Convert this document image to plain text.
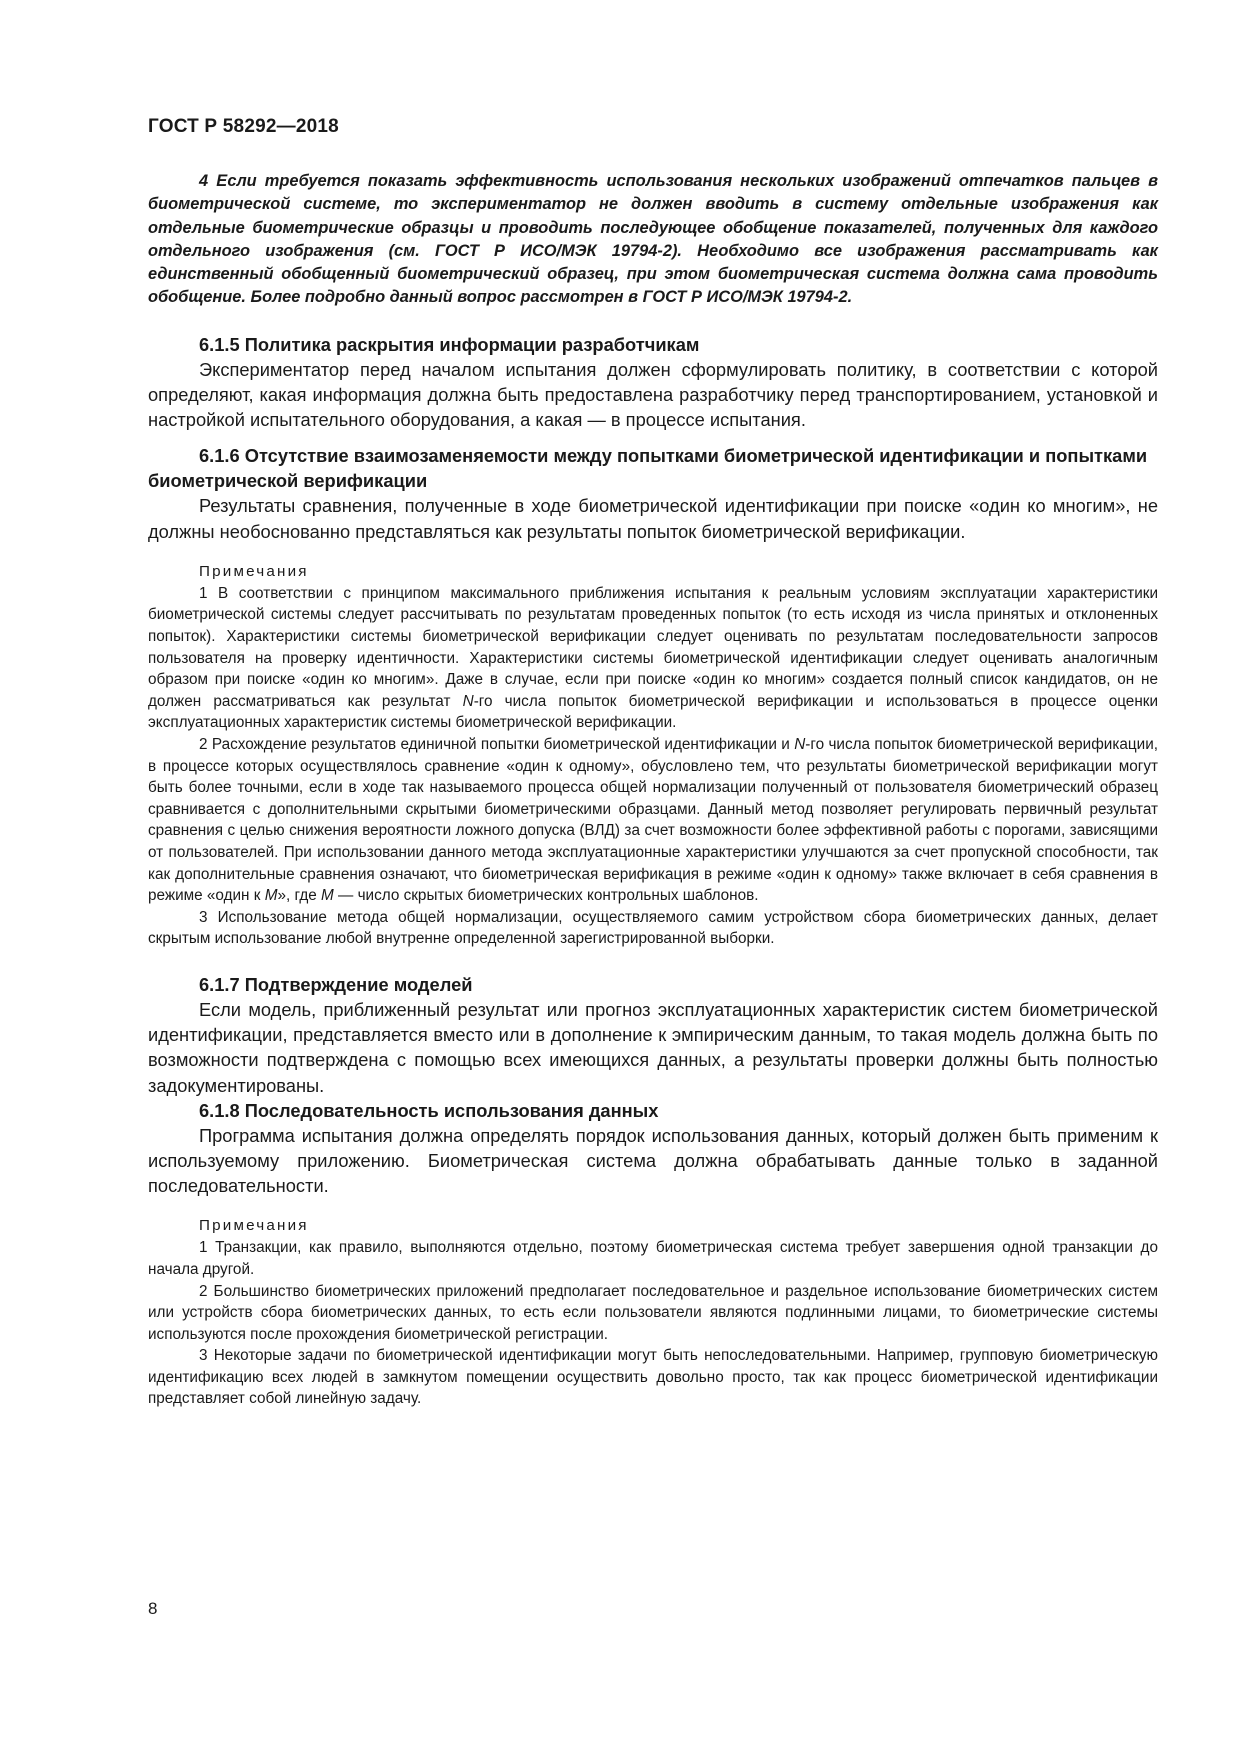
ГОСТ Р 58292—2018

4 Если требуется показать эффективность использования нескольких изображений отпечатков пальцев в биометрической системе, то экспериментатор не должен вводить в систему отдельные изображения как отдельные биометрические образцы и проводить последующее обобщение показателей, полученных для каждого отдельного изображения (см. ГОСТ Р ИСО/МЭК 19794-2). Необходимо все изображения рассматривать как единственный обобщенный биометрический образец, при этом биометрическая система должна сама проводить обобщение. Более подробно данный вопрос рассмотрен в ГОСТ Р ИСО/МЭК 19794-2.

6.1.5 Политика раскрытия информации разработчикам

Экспериментатор перед началом испытания должен сформулировать политику, в соответствии с которой определяют, какая информация должна быть предоставлена разработчику перед транспортированием, установкой и настройкой испытательного оборудования, а какая — в процессе испытания.

6.1.6 Отсутствие взаимозаменяемости между попытками биометрической идентификации и попытками биометрической верификации

Результаты сравнения, полученные в ходе биометрической идентификации при поиске «один ко многим», не должны необоснованно представляться как результаты попыток биометрической верификации.

Примечания

1 В соответствии с принципом максимального приближения испытания к реальным условиям эксплуатации характеристики биометрической системы следует рассчитывать по результатам проведенных попыток (то есть исходя из числа принятых и отклоненных попыток). Характеристики системы биометрической верификации следует оценивать по результатам последовательности запросов пользователя на проверку идентичности. Характеристики системы биометрической идентификации следует оценивать аналогичным образом при поиске «один ко многим». Даже в случае, если при поиске «один ко многим» создается полный список кандидатов, он не должен рассматриваться как результат N-го числа попыток биометрической верификации и использоваться в процессе оценки эксплуатационных характеристик системы биометрической верификации.

2 Расхождение результатов единичной попытки биометрической идентификации и N-го числа попыток биометрической верификации, в процессе которых осуществлялось сравнение «один к одному», обусловлено тем, что результаты биометрической верификации могут быть более точными, если в ходе так называемого процесса общей нормализации полученный от пользователя биометрический образец сравнивается с дополнительными скрытыми биометрическими образцами. Данный метод позволяет регулировать первичный результат сравнения с целью снижения вероятности ложного допуска (ВЛД) за счет возможности более эффективной работы с порогами, зависящими от пользователей. При использовании данного метода эксплуатационные характеристики улучшаются за счет пропускной способности, так как дополнительные сравнения означают, что биометрическая верификация в режиме «один к одному» также включает в себя сравнения в режиме «один к M», где M — число скрытых биометрических контрольных шаблонов.

3 Использование метода общей нормализации, осуществляемого самим устройством сбора биометрических данных, делает скрытым использование любой внутренне определенной зарегистрированной выборки.

6.1.7 Подтверждение моделей

Если модель, приближенный результат или прогноз эксплуатационных характеристик систем биометрической идентификации, представляется вместо или в дополнение к эмпирическим данным, то такая модель должна быть по возможности подтверждена с помощью всех имеющихся данных, а результаты проверки должны быть полностью задокументированы.

6.1.8 Последовательность использования данных

Программа испытания должна определять порядок использования данных, который должен быть применим к используемому приложению. Биометрическая система должна обрабатывать данные только в заданной последовательности.

Примечания

1 Транзакции, как правило, выполняются отдельно, поэтому биометрическая система требует завершения одной транзакции до начала другой.

2 Большинство биометрических приложений предполагает последовательное и раздельное использование биометрических систем или устройств сбора биометрических данных, то есть если пользователи являются подлинными лицами, то биометрические системы используются после прохождения биометрической регистрации.

3 Некоторые задачи по биометрической идентификации могут быть непоследовательными. Например, групповую биометрическую идентификацию всех людей в замкнутом помещении осуществить довольно просто, так как процесс биометрической идентификации представляет собой линейную задачу.

8
